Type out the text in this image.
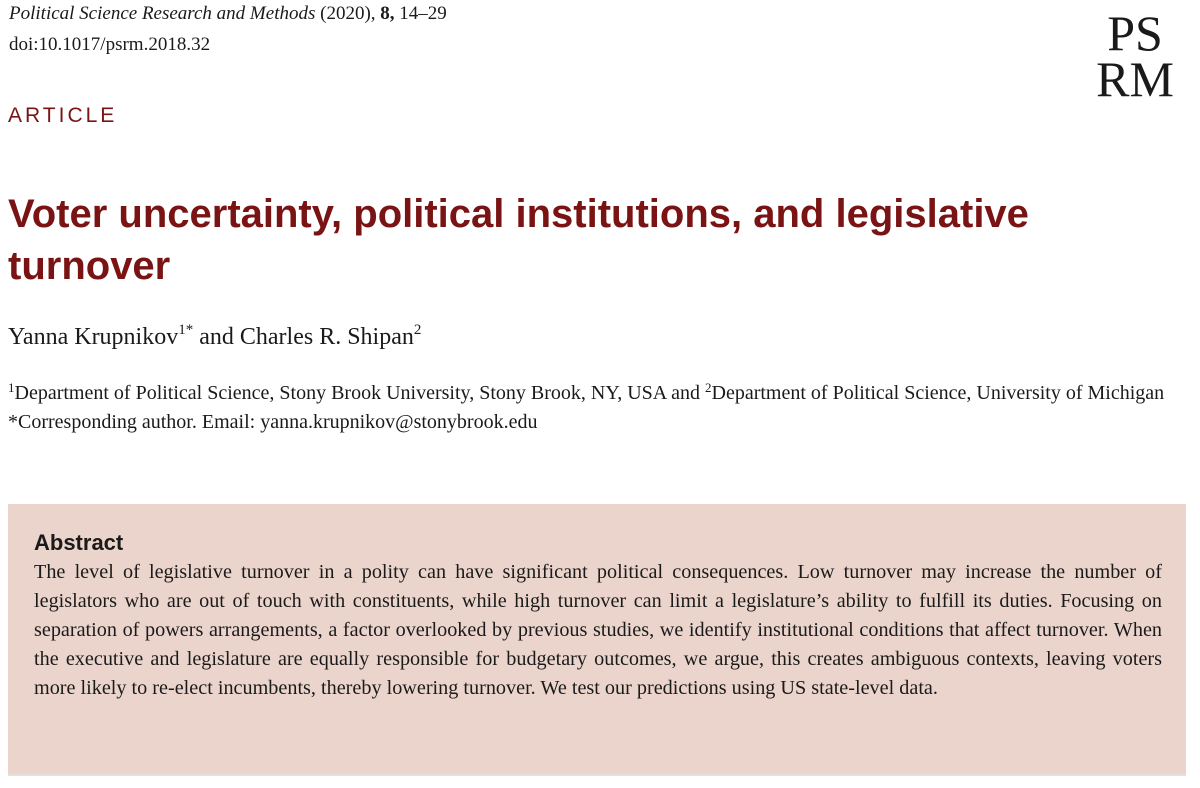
Political Science Research and Methods (2020), 8, 14–29
doi:10.1017/psrm.2018.32	PS
RM
ARTICLE
Voter uncertainty, political institutions, and legislative turnover
Yanna Krupnikov$^{1*}$ and Charles R. Shipan$^2$
$^1$Department of Political Science, Stony Brook University, Stony Brook, NY, USA and $^2$Department of Political Science, University of Michigan
*Corresponding author. Email: yanna.krupnikov@stonybrook.edu
Abstract
The level of legislative turnover in a polity can have significant political consequences. Low turnover may increase the number of legislators who are out of touch with constituents, while high turnover can limit a legislature’s ability to fulfill its duties. Focusing on separation of powers arrangements, a factor overlooked by previous studies, we identify institutional conditions that affect turnover. When the executive and legislature are equally responsible for budgetary outcomes, we argue, this creates ambiguous contexts, leaving voters more likely to re-elect incumbents, thereby lowering turnover. We test our predictions using US state-level data.
